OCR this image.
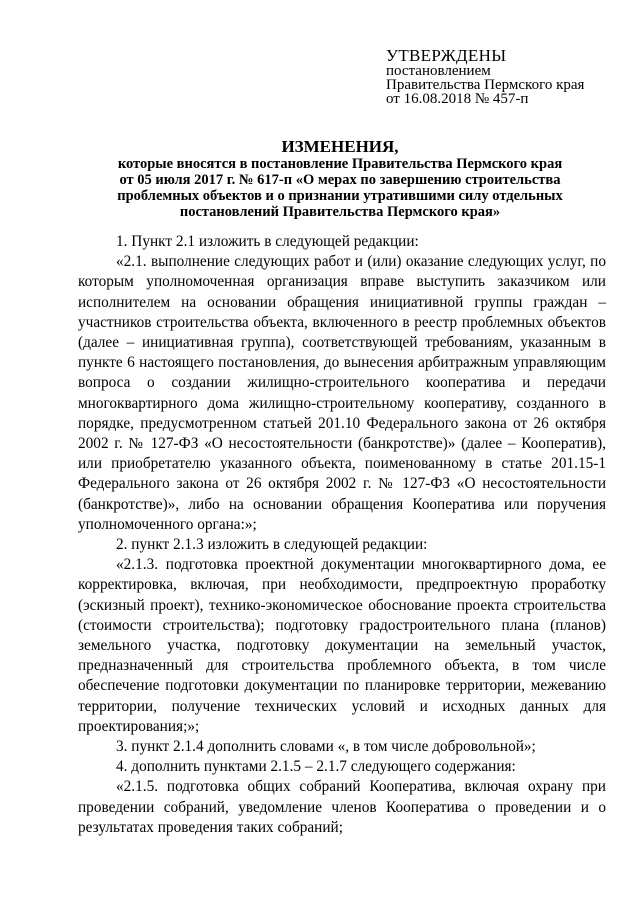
УТВЕРЖДЕНЫ
постановлением
Правительства Пермского края
от 16.08.2018 № 457-п
ИЗМЕНЕНИЯ,
которые вносятся в постановление Правительства Пермского края
от 05 июля 2017 г. № 617-п «О мерах по завершению строительства
проблемных объектов и о признании утратившими силу отдельных
постановлений Правительства Пермского края»

1. Пункт 2.1 изложить в следующей редакции:

«2.1. выполнение следующих работ и (или) оказание следующих услуг, по которым уполномоченная организация вправе выступить заказчиком или исполнителем на основании обращения инициативной группы граждан – участников строительства объекта, включенного в реестр проблемных объектов (далее – инициативная группа), соответствующей требованиям, указанным в пункте 6 настоящего постановления, до вынесения арбитражным управляющим вопроса о создании жилищно-строительного кооператива и передачи многоквартирного дома жилищно-строительному кооперативу, созданного в порядке, предусмотренном статьей 201.10 Федерального закона от 26 октября 2002 г. № 127-ФЗ «О несостоятельности (банкротстве)» (далее – Кооператив), или приобретателю указанного объекта, поименованному в статье 201.15-1 Федерального закона от 26 октября 2002 г. № 127-ФЗ «О несостоятельности (банкротстве)», либо на основании обращения Кооператива или поручения уполномоченного органа:»;

2. пункт 2.1.3 изложить в следующей редакции:

«2.1.3. подготовка проектной документации многоквартирного дома, ее корректировка, включая, при необходимости, предпроектную проработку (эскизный проект), технико-экономическое обоснование проекта строительства (стоимости строительства); подготовку градостроительного плана (планов) земельного участка, подготовку документации на земельный участок, предназначенный для строительства проблемного объекта, в том числе обеспечение подготовки документации по планировке территории, межеванию территории, получение технических условий и исходных данных для проектирования;»;

3. пункт 2.1.4 дополнить словами «, в том числе добровольной»;

4. дополнить пунктами 2.1.5 – 2.1.7 следующего содержания:

«2.1.5. подготовка общих собраний Кооператива, включая охрану при проведении собраний, уведомление членов Кооператива о проведении и о результатах проведения таких собраний;
